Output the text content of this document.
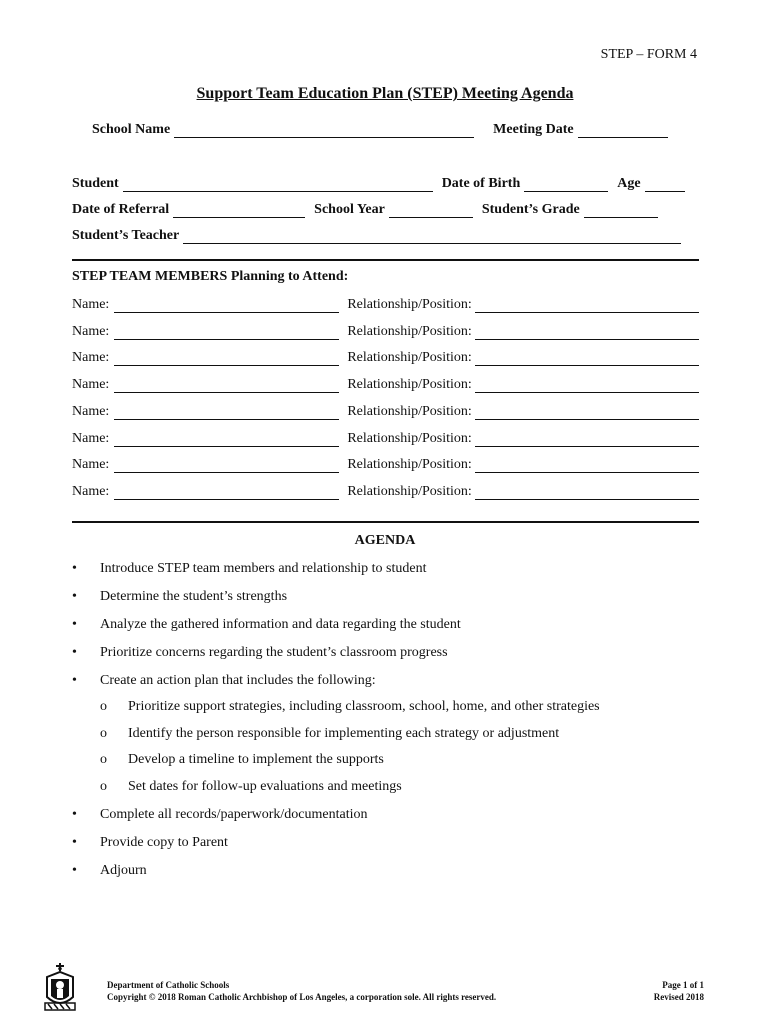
STEP – FORM 4
Support Team Education Plan (STEP) Meeting Agenda
School Name	Meeting Date
Student	Date of Birth	Age
Date of Referral	School Year	Student’s Grade
Student’s Teacher
STEP TEAM MEMBERS Planning to Attend:
Name:	Relationship/Position:
Name:	Relationship/Position:
Name:	Relationship/Position:
Name:	Relationship/Position:
Name:	Relationship/Position:
Name:	Relationship/Position:
Name:	Relationship/Position:
Name:	Relationship/Position:
AGENDA
• Introduce STEP team members and relationship to student
• Determine the student’s strengths
• Analyze the gathered information and data regarding the student
• Prioritize concerns regarding the student’s classroom progress
• Create an action plan that includes the following:
o Prioritize support strategies, including classroom, school, home, and other strategies
o Identify the person responsible for implementing each strategy or adjustment
o Develop a timeline to implement the supports
o Set dates for follow-up evaluations and meetings
• Complete all records/paperwork/documentation
• Provide copy to Parent
• Adjourn
Department of Catholic Schools
Copyright © 2018 Roman Catholic Archbishop of Los Angeles, a corporation sole. All rights reserved.
Page 1 of 1
Revised 2018
